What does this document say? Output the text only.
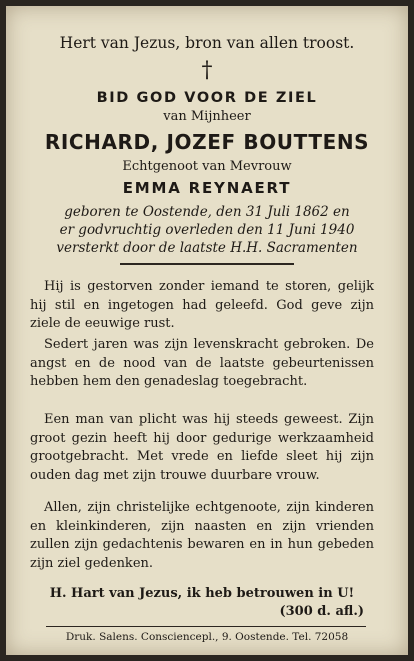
Hert van Jezus, bron van allen troost.
†
BID GOD VOOR DE ZIEL
van Mijnheer
RICHARD, JOZEF BOUTTENS
Echtgenoot van Mevrouw
EMMA REYNAERT
geboren te Oostende, den 31 Juli 1862 en
er godvruchtig overleden den 11 Juni 1940
versterkt door de laatste H.H. Sacramenten

Hij is gestorven zonder iemand te storen, gelijk hij stil en ingetogen had geleefd. God geve zijn ziele de eeuwige rust.

Sedert jaren was zijn levenskracht gebroken. De angst en de nood van de laatste gebeurtenissen hebben hem den genadeslag toegebracht.

Een man van plicht was hij steeds geweest. Zijn groot gezin heeft hij door gedurige werkzaamheid grootgebracht. Met vrede en liefde sleet hij zijn ouden dag met zijn trouwe duurbare vrouw.

Allen, zijn christelijke echtgenoote, zijn kinderen en kleinkinderen, zijn naasten en zijn vrienden zullen zijn gedachtenis bewaren en in hun gebeden zijn ziel gedenken.

H. Hart van Jezus, ik heb betrouwen in U!
(300 d. afl.)
Druk. Salens. Consciencepl., 9. Oostende. Tel. 72058
